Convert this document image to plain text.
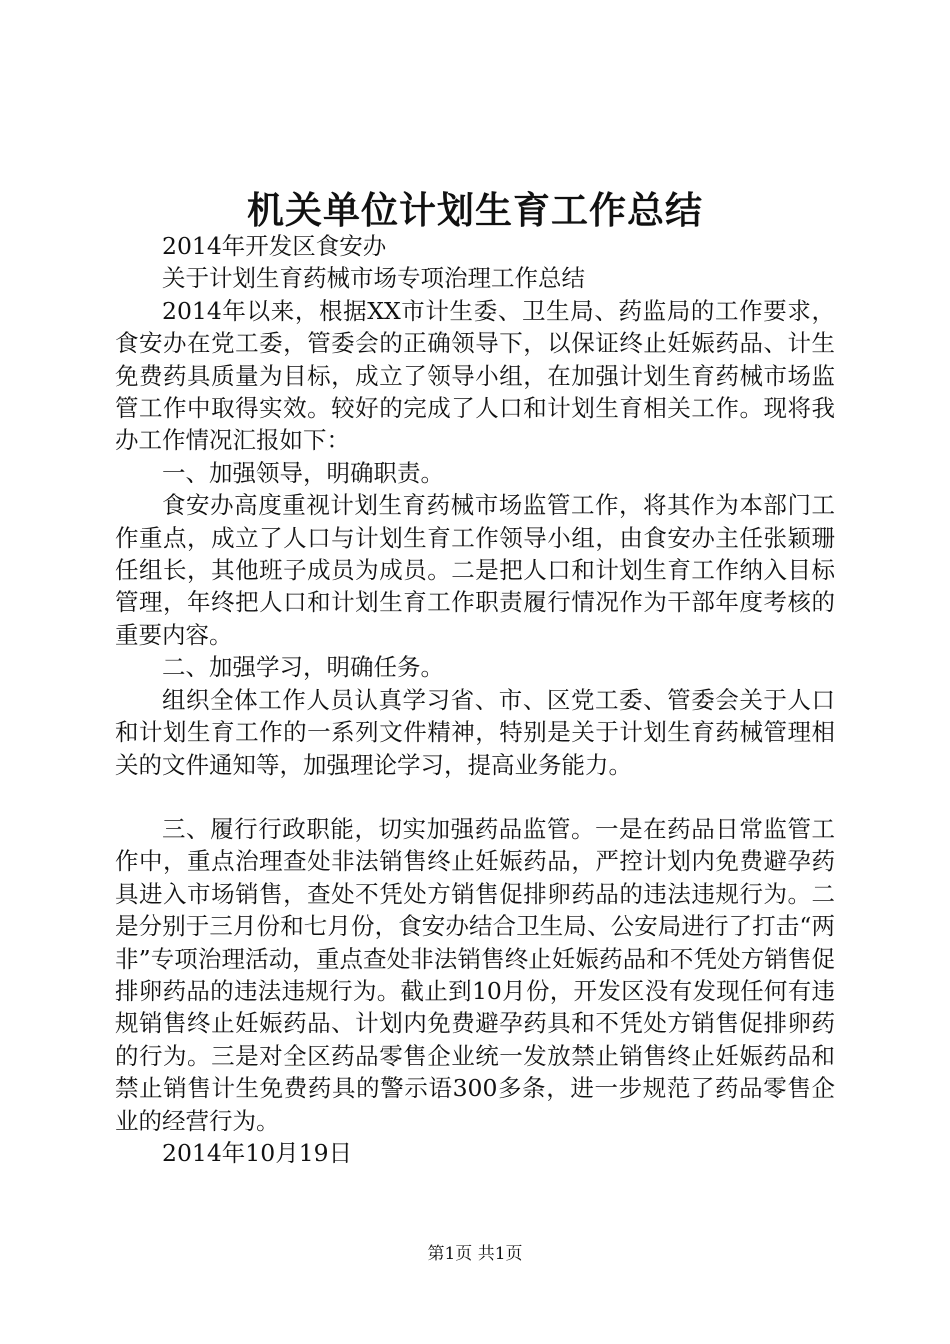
机关单位计划生育工作总结

2014年开发区食安办

关于计划生育药械市场专项治理工作总结

2014年以来，根据XX市计生委、卫生局、药监局的工作要求，食安办在党工委，管委会的正确领导下，以保证终止妊娠药品、计生免费药具质量为目标，成立了领导小组，在加强计划生育药械市场监管工作中取得实效。较好的完成了人口和计划生育相关工作。现将我办工作情况汇报如下：

一、加强领导，明确职责。

食安办高度重视计划生育药械市场监管工作，将其作为本部门工作重点，成立了人口与计划生育工作领导小组，由食安办主任张颖珊任组长，其他班子成员为成员。二是把人口和计划生育工作纳入目标管理，年终把人口和计划生育工作职责履行情况作为干部年度考核的重要内容。

二、加强学习，明确任务。

组织全体工作人员认真学习省、市、区党工委、管委会关于人口和计划生育工作的一系列文件精神，特别是关于计划生育药械管理相关的文件通知等，加强理论学习，提高业务能力。

三、履行行政职能，切实加强药品监管。一是在药品日常监管工作中，重点治理查处非法销售终止妊娠药品，严控计划内免费避孕药具进入市场销售，查处不凭处方销售促排卵药品的违法违规行为。二是分别于三月份和七月份，食安办结合卫生局、公安局进行了打击“两非”专项治理活动，重点查处非法销售终止妊娠药品和不凭处方销售促排卵药品的违法违规行为。截止到10月份，开发区没有发现任何有违规销售终止妊娠药品、计划内免费避孕药具和不凭处方销售促排卵药的行为。三是对全区药品零售企业统一发放禁止销售终止妊娠药品和禁止销售计生免费药具的警示语300多条，进一步规范了药品零售企业的经营行为。

2014年10月19日

第1页 共1页
